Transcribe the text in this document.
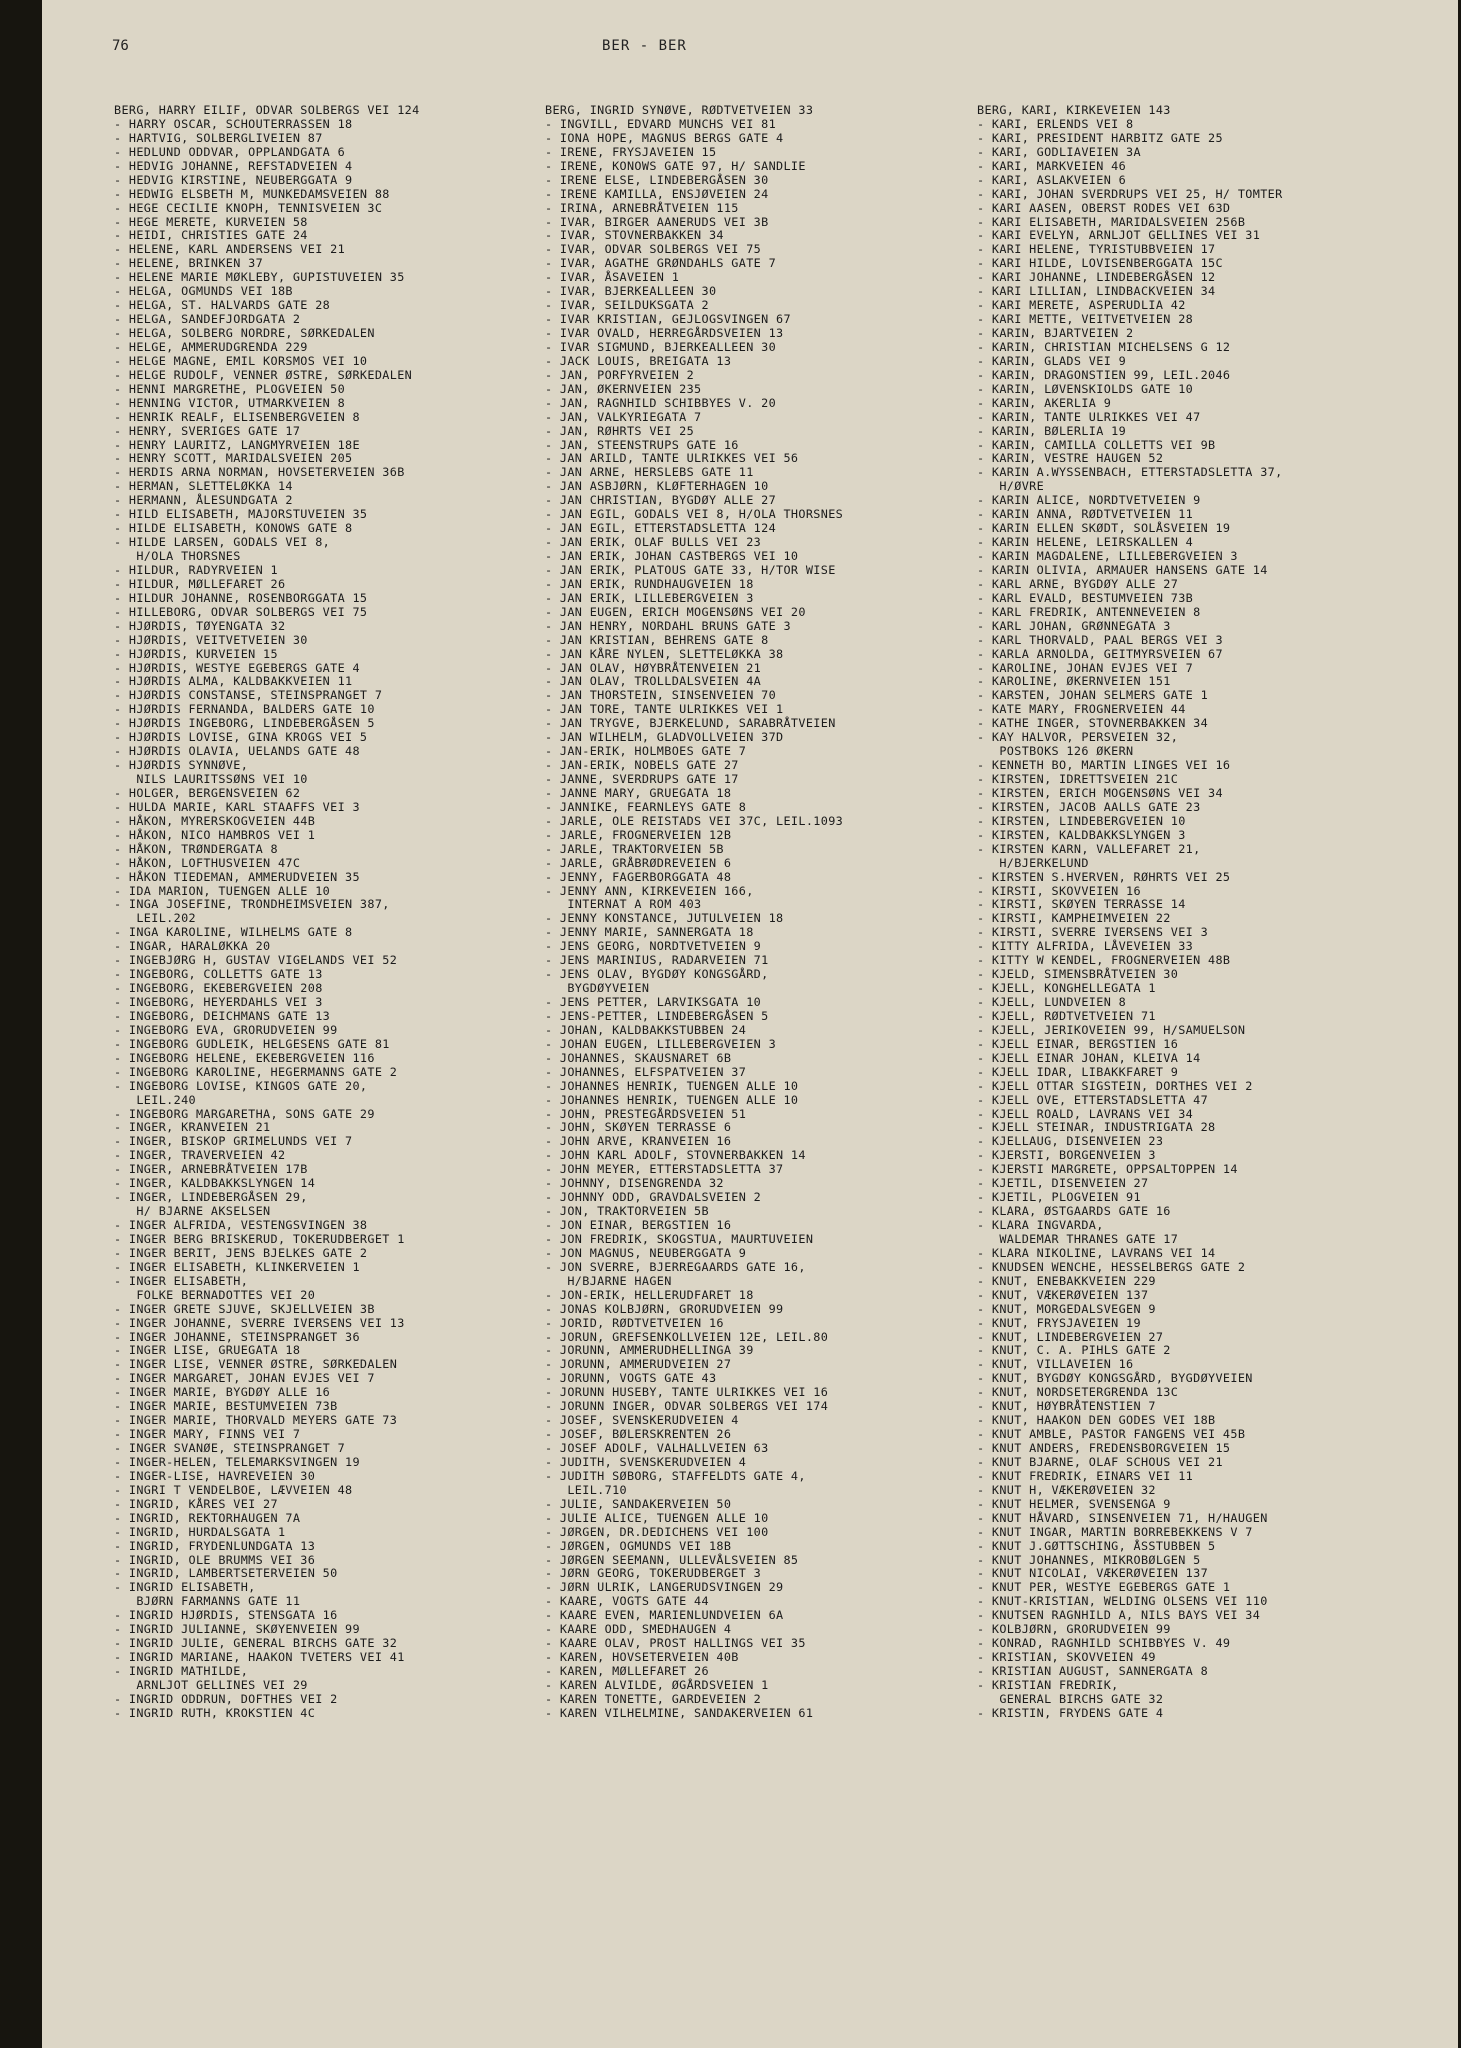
76	BER - BER
BERG, HARRY EILIF, ODVAR SOLBERGS VEI 124
- HARRY OSCAR, SCHOUTERRASSEN 18
- HARTVIG, SOLBERGLIVEIEN 87
- HEDLUND ODDVAR, OPPLANDGATA 6
- HEDVIG JOHANNE, REFSTADVEIEN 4
- HEDVIG KIRSTINE, NEUBERGGATA 9
- HEDWIG ELSBETH M, MUNKEDAMSVEIEN 88
- HEGE CECILIE KNOPH, TENNISVEIEN 3C
- HEGE MERETE, KURVEIEN 58
- HEIDI, CHRISTIES GATE 24
- HELENE, KARL ANDERSENS VEI 21
- HELENE, BRINKEN 37
- HELENE MARIE MØKLEBY, GUPISTUVEIEN 35
- HELGA, OGMUNDS VEI 18B
- HELGA, ST. HALVARDS GATE 28
- HELGA, SANDEFJORDGATA 2
- HELGA, SOLBERG NORDRE, SØRKEDALEN
- HELGE, AMMERUDGRENDA 229
- HELGE MAGNE, EMIL KORSMOS VEI 10
- HELGE RUDOLF, VENNER ØSTRE, SØRKEDALEN
- HENNI MARGRETHE, PLOGVEIEN 50
- HENNING VICTOR, UTMARKVEIEN 8
- HENRIK REALF, ELISENBERGVEIEN 8
- HENRY, SVERIGES GATE 17
- HENRY LAURITZ, LANGMYRVEIEN 18E
- HENRY SCOTT, MARIDALSVEIEN 205
- HERDIS ARNA NORMAN, HOVSETERVEIEN 36B
- HERMAN, SLETTELØKKA 14
- HERMANN, ÅLESUNDGATA 2
- HILD ELISABETH, MAJORSTUVEIEN 35
- HILDE ELISABETH, KONOWS GATE 8
- HILDE LARSEN, GODALS VEI 8,
H/OLA THORSNES
- HILDUR, RADYRVEIEN 1
- HILDUR, MØLLEFARET 26
- HILDUR JOHANNE, ROSENBORGGATA 15
- HILLEBORG, ODVAR SOLBERGS VEI 75
- HJØRDIS, TØYENGATA 32
- HJØRDIS, VEITVETVEIEN 30
- HJØRDIS, KURVEIEN 15
- HJØRDIS, WESTYE EGEBERGS GATE 4
- HJØRDIS ALMA, KALDBAKKVEIEN 11
- HJØRDIS CONSTANSE, STEINSPRANGET 7
- HJØRDIS FERNANDA, BALDERS GATE 10
- HJØRDIS INGEBORG, LINDEBERGÅSEN 5
- HJØRDIS LOVISE, GINA KROGS VEI 5
- HJØRDIS OLAVIA, UELANDS GATE 48
- HJØRDIS SYNNØVE,
NILS LAURITSSØNS VEI 10
- HOLGER, BERGENSVEIEN 62
- HULDA MARIE, KARL STAAFFS VEI 3
- HÅKON, MYRERSKOGVEIEN 44B
- HÅKON, NICO HAMBROS VEI 1
- HÅKON, TRØNDERGATA 8
- HÅKON, LOFTHUSVEIEN 47C
- HÅKON TIEDEMAN, AMMERUDVEIEN 35
- IDA MARION, TUENGEN ALLE 10
- INGA JOSEFINE, TRONDHEIMSVEIEN 387,
LEIL.202
- INGA KAROLINE, WILHELMS GATE 8
- INGAR, HARALØKKA 20
- INGEBJØRG H, GUSTAV VIGELANDS VEI 52
- INGEBORG, COLLETTS GATE 13
- INGEBORG, EKEBERGVEIEN 208
- INGEBORG, HEYERDAHLS VEI 3
- INGEBORG, DEICHMANS GATE 13
- INGEBORG EVA, GRORUDVEIEN 99
- INGEBORG GUDLEIK, HELGESENS GATE 81
- INGEBORG HELENE, EKEBERGVEIEN 116
- INGEBORG KAROLINE, HEGERMANNS GATE 2
- INGEBORG LOVISE, KINGOS GATE 20,
LEIL.240
- INGEBORG MARGARETHA, SONS GATE 29
- INGER, KRANVEIEN 21
- INGER, BISKOP GRIMELUNDS VEI 7
- INGER, TRAVERVEIEN 42
- INGER, ARNEBRÅTVEIEN 17B
- INGER, KALDBAKKSLYNGEN 14
- INGER, LINDEBERGÅSEN 29,
H/ BJARNE AKSELSEN
- INGER ALFRIDA, VESTENGSVINGEN 38
- INGER BERG BRISKERUD, TOKERUDBERGET 1
- INGER BERIT, JENS BJELKES GATE 2
- INGER ELISABETH, KLINKERVEIEN 1
- INGER ELISABETH,
FOLKE BERNADOTTES VEI 20
- INGER GRETE SJUVE, SKJELLVEIEN 3B
- INGER JOHANNE, SVERRE IVERSENS VEI 13
- INGER JOHANNE, STEINSPRANGET 36
- INGER LISE, GRUEGATA 18
- INGER LISE, VENNER ØSTRE, SØRKEDALEN
- INGER MARGARET, JOHAN EVJES VEI 7
- INGER MARIE, BYGDØY ALLE 16
- INGER MARIE, BESTUMVEIEN 73B
- INGER MARIE, THORVALD MEYERS GATE 73
- INGER MARY, FINNS VEI 7
- INGER SVANØE, STEINSPRANGET 7
- INGER-HELEN, TELEMARKSVINGEN 19
- INGER-LISE, HAVREVEIEN 30
- INGRI T VENDELBOE, LÆVVEIEN 48
- INGRID, KÅRES VEI 27
- INGRID, REKTORHAUGEN 7A
- INGRID, HURDALSGATA 1
- INGRID, FRYDENLUNDGATA 13
- INGRID, OLE BRUMMS VEI 36
- INGRID, LAMBERTSETERVEIEN 50
- INGRID ELISABETH,
BJØRN FARMANNS GATE 11
- INGRID HJØRDIS, STENSGATA 16
- INGRID JULIANNE, SKØYENVEIEN 99
- INGRID JULIE, GENERAL BIRCHS GATE 32
- INGRID MARIANE, HAAKON TVETERS VEI 41
- INGRID MATHILDE,
ARNLJOT GELLINES VEI 29
- INGRID ODDRUN, DOFTHES VEI 2
- INGRID RUTH, KROKSTIEN 4C
BERG, INGRID SYNØVE, RØDTVETVEIEN 33
- INGVILL, EDVARD MUNCHS VEI 81
- IONA HOPE, MAGNUS BERGS GATE 4
- IRENE, FRYSJAVEIEN 15
- IRENE, KONOWS GATE 97, H/ SANDLIE
- IRENE ELSE, LINDEBERGÅSEN 30
- IRENE KAMILLA, ENSJØVEIEN 24
- IRINA, ARNEBRÅTVEIEN 115
- IVAR, BIRGER AANERUDS VEI 3B
- IVAR, STOVNERBAKKEN 34
- IVAR, ODVAR SOLBERGS VEI 75
- IVAR, AGATHE GRØNDAHLS GATE 7
- IVAR, ÅSAVEIEN 1
- IVAR, BJERKEALLEEN 30
- IVAR, SEILDUKSGATA 2
- IVAR KRISTIAN, GEJLOGSVINGEN 67
- IVAR OVALD, HERREGÅRDSVEIEN 13
- IVAR SIGMUND, BJERKEALLEEN 30
- JACK LOUIS, BREIGATA 13
- JAN, PORFYRVEIEN 2
- JAN, ØKERNVEIEN 235
- JAN, RAGNHILD SCHIBBYES V. 20
- JAN, VALKYRIEGATA 7
- JAN, RØHRTS VEI 25
- JAN, STEENSTRUPS GATE 16
- JAN ARILD, TANTE ULRIKKES VEI 56
- JAN ARNE, HERSLEBS GATE 11
- JAN ASBJØRN, KLØFTERHAGEN 10
- JAN CHRISTIAN, BYGDØY ALLE 27
- JAN EGIL, GODALS VEI 8, H/OLA THORSNES
- JAN EGIL, ETTERSTADSLETTA 124
- JAN ERIK, OLAF BULLS VEI 23
- JAN ERIK, JOHAN CASTBERGS VEI 10
- JAN ERIK, PLATOUS GATE 33, H/TOR WISE
- JAN ERIK, RUNDHAUGVEIEN 18
- JAN ERIK, LILLEBERGVEIEN 3
- JAN EUGEN, ERICH MOGENSØNS VEI 20
- JAN HENRY, NORDAHL BRUNS GATE 3
- JAN KRISTIAN, BEHRENS GATE 8
- JAN KÅRE NYLEN, SLETTELØKKA 38
- JAN OLAV, HØYBRÅTENVEIEN 21
- JAN OLAV, TROLLDALSVEIEN 4A
- JAN THORSTEIN, SINSENVEIEN 70
- JAN TORE, TANTE ULRIKKES VEI 1
- JAN TRYGVE, BJERKELUND, SARABRÅTVEIEN
- JAN WILHELM, GLADVOLLVEIEN 37D
- JAN-ERIK, HOLMBOES GATE 7
- JAN-ERIK, NOBELS GATE 27
- JANNE, SVERDRUPS GATE 17
- JANNE MARY, GRUEGATA 18
- JANNIKE, FEARNLEYS GATE 8
- JARLE, OLE REISTADS VEI 37C, LEIL.1093
- JARLE, FROGNERVEIEN 12B
- JARLE, TRAKTORVEIEN 5B
- JARLE, GRÅBRØDREVEIEN 6
- JENNY, FAGERBORGGATA 48
- JENNY ANN, KIRKEVEIEN 166,
INTERNAT A ROM 403
- JENNY KONSTANCE, JUTULVEIEN 18
- JENNY MARIE, SANNERGATA 18
- JENS GEORG, NORDTVETVEIEN 9
- JENS MARINIUS, RADARVEIEN 71
- JENS OLAV, BYGDØY KONGSGÅRD,
BYGDØYVEIEN
- JENS PETTER, LARVIKSGATA 10
- JENS-PETTER, LINDEBERGÅSEN 5
- JOHAN, KALDBAKKSTUBBEN 24
- JOHAN EUGEN, LILLEBERGVEIEN 3
- JOHANNES, SKAUSNARET 6B
- JOHANNES, ELFSPATVEIEN 37
- JOHANNES HENRIK, TUENGEN ALLE 10
- JOHANNES HENRIK, TUENGEN ALLE 10
- JOHN, PRESTEGÅRDSVEIEN 51
- JOHN, SKØYEN TERRASSE 6
- JOHN ARVE, KRANVEIEN 16
- JOHN KARL ADOLF, STOVNERBAKKEN 14
- JOHN MEYER, ETTERSTADSLETTA 37
- JOHNNY, DISENGRENDA 32
- JOHNNY ODD, GRAVDALSVEIEN 2
- JON, TRAKTORVEIEN 5B
- JON EINAR, BERGSTIEN 16
- JON FREDRIK, SKOGSTUA, MAURTUVEIEN
- JON MAGNUS, NEUBERGGATA 9
- JON SVERRE, BJERREGAARDS GATE 16,
H/BJARNE HAGEN
- JON-ERIK, HELLERUDFARET 18
- JONAS KOLBJØRN, GRORUDVEIEN 99
- JORID, RØDTVETVEIEN 16
- JORUN, GREFSENKOLLVEIEN 12E, LEIL.80
- JORUNN, AMMERUDHELLINGA 39
- JORUNN, AMMERUDVEIEN 27
- JORUNN, VOGTS GATE 43
- JORUNN HUSEBY, TANTE ULRIKKES VEI 16
- JORUNN INGER, ODVAR SOLBERGS VEI 174
- JOSEF, SVENSKERUDVEIEN 4
- JOSEF, BØLERSKRENTEN 26
- JOSEF ADOLF, VALHALLVEIEN 63
- JUDITH, SVENSKERUDVEIEN 4
- JUDITH SØBORG, STAFFELDTS GATE 4,
LEIL.710
- JULIE, SANDAKERVEIEN 50
- JULIE ALICE, TUENGEN ALLE 10
- JØRGEN, DR.DEDICHENS VEI 100
- JØRGEN, OGMUNDS VEI 18B
- JØRGEN SEEMANN, ULLEVÅLSVEIEN 85
- JØRN GEORG, TOKERUDBERGET 3
- JØRN ULRIK, LANGERUDSVINGEN 29
- KAARE, VOGTS GATE 44
- KAARE EVEN, MARIENLUNDVEIEN 6A
- KAARE ODD, SMEDHAUGEN 4
- KAARE OLAV, PROST HALLINGS VEI 35
- KAREN, HOVSETERVEIEN 40B
- KAREN, MØLLEFARET 26
- KAREN ALVILDE, ØGÅRDSVEIEN 1
- KAREN TONETTE, GARDEVEIEN 2
- KAREN VILHELMINE, SANDAKERVEIEN 61
BERG, KARI, KIRKEVEIEN 143
- KARI, ERLENDS VEI 8
- KARI, PRESIDENT HARBITZ GATE 25
- KARI, GODLIAVEIEN 3A
- KARI, MARKVEIEN 46
- KARI, ASLAKVEIEN 6
- KARI, JOHAN SVERDRUPS VEI 25, H/ TOMTER
- KARI AASEN, OBERST RODES VEI 63D
- KARI ELISABETH, MARIDALSVEIEN 256B
- KARI EVELYN, ARNLJOT GELLINES VEI 31
- KARI HELENE, TYRISTUBBVEIEN 17
- KARI HILDE, LOVISENBERGGATA 15C
- KARI JOHANNE, LINDEBERGÅSEN 12
- KARI LILLIAN, LINDBACKVEIEN 34
- KARI MERETE, ASPERUDLIA 42
- KARI METTE, VEITVETVEIEN 28
- KARIN, BJARTVEIEN 2
- KARIN, CHRISTIAN MICHELSENS G 12
- KARIN, GLADS VEI 9
- KARIN, DRAGONSTIEN 99, LEIL.2046
- KARIN, LØVENSKIOLDS GATE 10
- KARIN, AKERLIA 9
- KARIN, TANTE ULRIKKES VEI 47
- KARIN, BØLERLIA 19
- KARIN, CAMILLA COLLETTS VEI 9B
- KARIN, VESTRE HAUGEN 52
- KARIN A.WYSSENBACH, ETTERSTADSLETTA 37,
H/ØVRE
- KARIN ALICE, NORDTVETVEIEN 9
- KARIN ANNA, RØDTVETVEIEN 11
- KARIN ELLEN SKØDT, SOLÅSVEIEN 19
- KARIN HELENE, LEIRSKALLEN 4
- KARIN MAGDALENE, LILLEBERGVEIEN 3
- KARIN OLIVIA, ARMAUER HANSENS GATE 14
- KARL ARNE, BYGDØY ALLE 27
- KARL EVALD, BESTUMVEIEN 73B
- KARL FREDRIK, ANTENNEVEIEN 8
- KARL JOHAN, GRØNNEGATA 3
- KARL THORVALD, PAAL BERGS VEI 3
- KARLA ARNOLDA, GEITMYRSVEIEN 67
- KAROLINE, JOHAN EVJES VEI 7
- KAROLINE, ØKERNVEIEN 151
- KARSTEN, JOHAN SELMERS GATE 1
- KATE MARY, FROGNERVEIEN 44
- KATHE INGER, STOVNERBAKKEN 34
- KAY HALVOR, PERSVEIEN 32,
POSTBOKS 126 ØKERN
- KENNETH BO, MARTIN LINGES VEI 16
- KIRSTEN, IDRETTSVEIEN 21C
- KIRSTEN, ERICH MOGENSØNS VEI 34
- KIRSTEN, JACOB AALLS GATE 23
- KIRSTEN, LINDEBERGVEIEN 10
- KIRSTEN, KALDBAKKSLYNGEN 3
- KIRSTEN KARN, VALLEFARET 21,
H/BJERKELUND
- KIRSTEN S.HVERVEN, RØHRTS VEI 25
- KIRSTI, SKOVVEIEN 16
- KIRSTI, SKØYEN TERRASSE 14
- KIRSTI, KAMPHEIMVEIEN 22
- KIRSTI, SVERRE IVERSENS VEI 3
- KITTY ALFRIDA, LÅVEVEIEN 33
- KITTY W KENDEL, FROGNERVEIEN 48B
- KJELD, SIMENSBRÅTVEIEN 30
- KJELL, KONGHELLEGATA 1
- KJELL, LUNDVEIEN 8
- KJELL, RØDTVETVEIEN 71
- KJELL, JERIKOVEIEN 99, H/SAMUELSON
- KJELL EINAR, BERGSTIEN 16
- KJELL EINAR JOHAN, KLEIVA 14
- KJELL IDAR, LIBAKKFARET 9
- KJELL OTTAR SIGSTEIN, DORTHES VEI 2
- KJELL OVE, ETTERSTADSLETTA 47
- KJELL ROALD, LAVRANS VEI 34
- KJELL STEINAR, INDUSTRIGATA 28
- KJELLAUG, DISENVEIEN 23
- KJERSTI, BORGENVEIEN 3
- KJERSTI MARGRETE, OPPSALTOPPEN 14
- KJETIL, DISENVEIEN 27
- KJETIL, PLOGVEIEN 91
- KLARA, ØSTGAARDS GATE 16
- KLARA INGVARDA,
WALDEMAR THRANES GATE 17
- KLARA NIKOLINE, LAVRANS VEI 14
- KNUDSEN WENCHE, HESSELBERGS GATE 2
- KNUT, ENEBAKKVEIEN 229
- KNUT, VÆKERØVEIEN 137
- KNUT, MORGEDALSVEGEN 9
- KNUT, FRYSJAVEIEN 19
- KNUT, LINDEBERGVEIEN 27
- KNUT, C. A. PIHLS GATE 2
- KNUT, VILLAVEIEN 16
- KNUT, BYGDØY KONGSGÅRD, BYGDØYVEIEN
- KNUT, NORDSETERGRENDA 13C
- KNUT, HØYBRÅTENSTIEN 7
- KNUT, HAAKON DEN GODES VEI 18B
- KNUT AMBLE, PASTOR FANGENS VEI 45B
- KNUT ANDERS, FREDENSBORGVEIEN 15
- KNUT BJARNE, OLAF SCHOUS VEI 21
- KNUT FREDRIK, EINARS VEI 11
- KNUT H, VÆKERØVEIEN 32
- KNUT HELMER, SVENSENGA 9
- KNUT HÅVARD, SINSENVEIEN 71, H/HAUGEN
- KNUT INGAR, MARTIN BORREBEKKENS V 7
- KNUT J.GØTTSCHING, ÅSSTUBBEN 5
- KNUT JOHANNES, MIKROBØLGEN 5
- KNUT NICOLAI, VÆKERØVEIEN 137
- KNUT PER, WESTYE EGEBERGS GATE 1
- KNUT-KRISTIAN, WELDING OLSENS VEI 110
- KNUTSEN RAGNHILD A, NILS BAYS VEI 34
- KOLBJØRN, GRORUDVEIEN 99
- KONRAD, RAGNHILD SCHIBBYES V. 49
- KRISTIAN, SKOVVEIEN 49
- KRISTIAN AUGUST, SANNERGATA 8
- KRISTIAN FREDRIK,
GENERAL BIRCHS GATE 32
- KRISTIN, FRYDENS GATE 4
